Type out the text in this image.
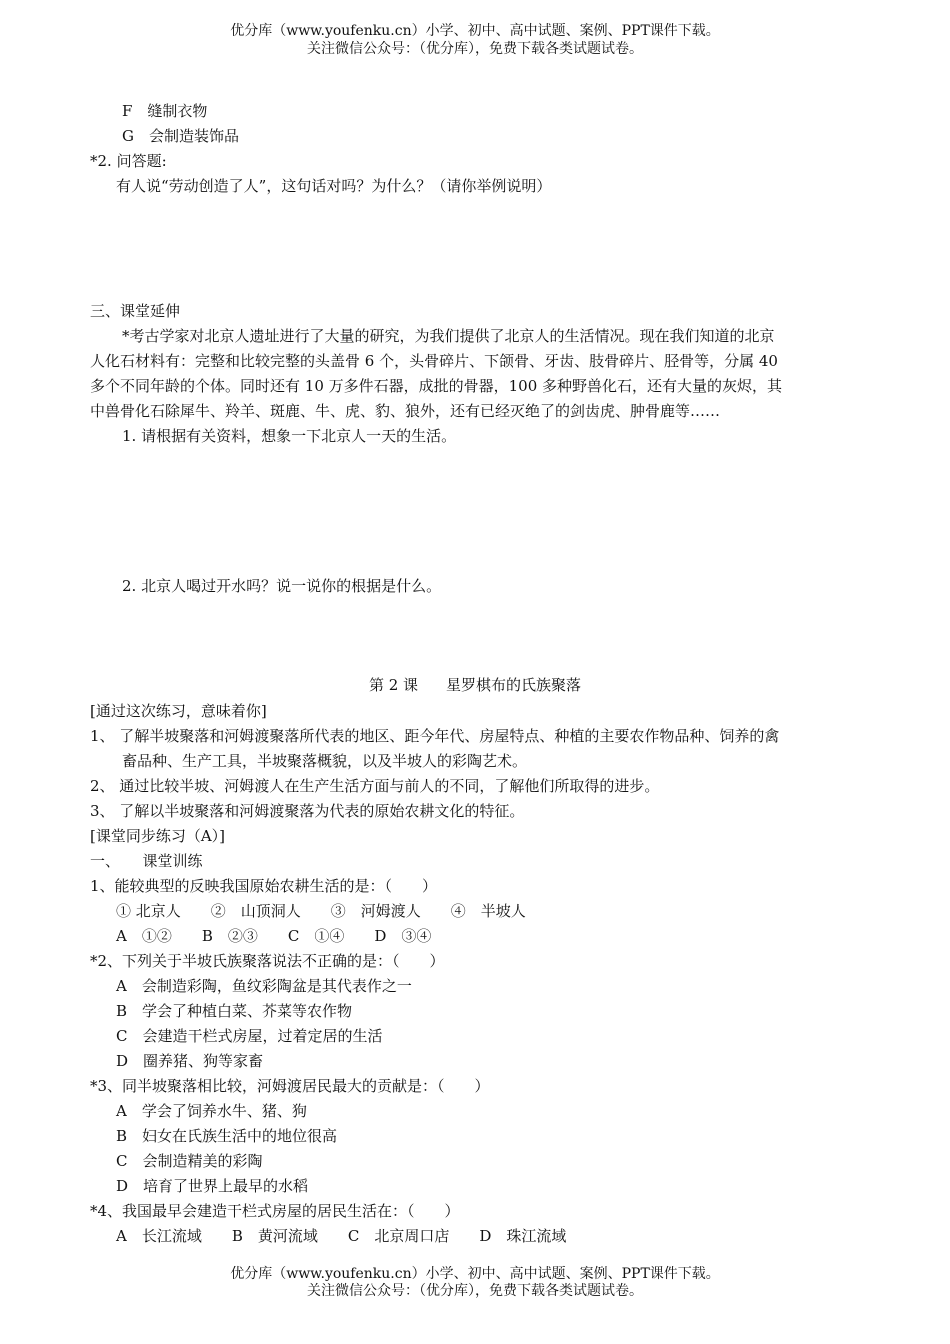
优分库（www.youfenku.cn）小学、初中、高中试题、案例、PPT课件下载。
关注微信公众号：（优分库），免费下载各类试题试卷。
F　缝制衣物
G　会制造装饰品
*2. 问答题:
有人说“劳动创造了人”，这句话对吗？为什么？（请你举例说明）
三、课堂延伸
*考古学家对北京人遗址进行了大量的研究，为我们提供了北京人的生活情况。现在我们知道的北京
人化石材料有：完整和比较完整的头盖骨 6 个，头骨碎片、下颌骨、牙齿、肢骨碎片、胫骨等，分属 40
多个不同年龄的个体。同时还有 10 万多件石器，成批的骨器，100 多种野兽化石，还有大量的灰烬，其
中兽骨化石除犀牛、羚羊、斑鹿、牛、虎、豹、狼外，还有已经灭绝了的剑齿虎、肿骨鹿等……
1. 请根据有关资料，想象一下北京人一天的生活。
2. 北京人喝过开水吗？说一说你的根据是什么。
第 2 课 星罗棋布的氏族聚落
[通过这次练习，意味着你]
1、 了解半坡聚落和河姆渡聚落所代表的地区、距今年代、房屋特点、种植的主要农作物品种、饲养的禽
畜品种、生产工具，半坡聚落概貌，以及半坡人的彩陶艺术。
2、 通过比较半坡、河姆渡人在生产生活方面与前人的不同，了解他们所取得的进步。
3、 了解以半坡聚落和河姆渡聚落为代表的原始农耕文化的特征。
[课堂同步练习（A）]
一、　　课堂训练
1、能较典型的反映我国原始农耕生活的是：（　　）
① 北京人　　②　山顶洞人　　③　河姆渡人　　④　半坡人
A　①②　　B　②③　　C　①④　　D　③④
*2、下列关于半坡氏族聚落说法不正确的是：（　　）
A　会制造彩陶，鱼纹彩陶盆是其代表作之一
B　学会了种植白菜、芥菜等农作物
C　会建造干栏式房屋，过着定居的生活
D　圈养猪、狗等家畜
*3、同半坡聚落相比较，河姆渡居民最大的贡献是：（　　）
A　学会了饲养水牛、猪、狗
B　妇女在氏族生活中的地位很高
C　会制造精美的彩陶
D　培育了世界上最早的水稻
*4、我国最早会建造干栏式房屋的居民生活在：（　　）
A　长江流域　　B　黄河流域　　C　北京周口店　　D　珠江流域
优分库（www.youfenku.cn）小学、初中、高中试题、案例、PPT课件下载。
关注微信公众号：（优分库），免费下载各类试题试卷。
